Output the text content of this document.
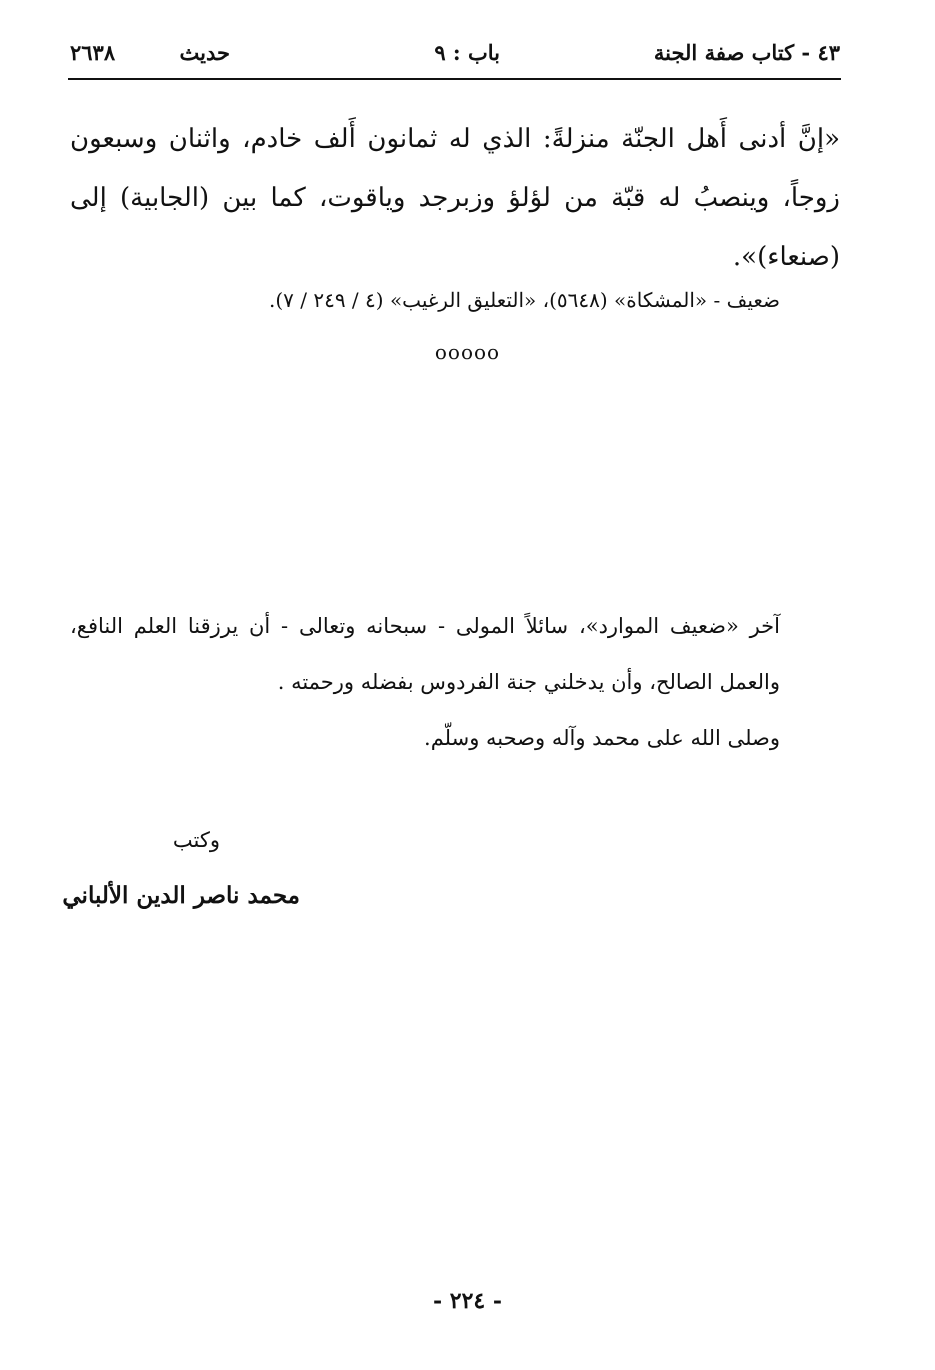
٤٣ - كتاب صفة الجنة
باب : ٩
حديث
٢٦٣٨
«إنَّ أدنى أَهل الجنّة منزلةً: الذي له ثمانون أَلف خادم، واثنان وسبعون زوجاً، وينصبُ له قبّة من لؤلؤ وزبرجد وياقوت، كما بين (الجابية) إلى (صنعاء)».
ضعيف - «المشكاة» (٥٦٤٨)، «التعليق الرغيب» (٤ / ٢٤٩ / ٧).
ooooo

آخر «ضعيف الموارد»، سائلاً المولى - سبحانه وتعالى - أن يرزقنا العلم النافع، والعمل الصالح، وأن يدخلني جنة الفردوس بفضله ورحمته .

وصلى الله على محمد وآله وصحبه وسلّم.

وكتب
محمد ناصر الدين الألباني
- ٢٢٤ -
